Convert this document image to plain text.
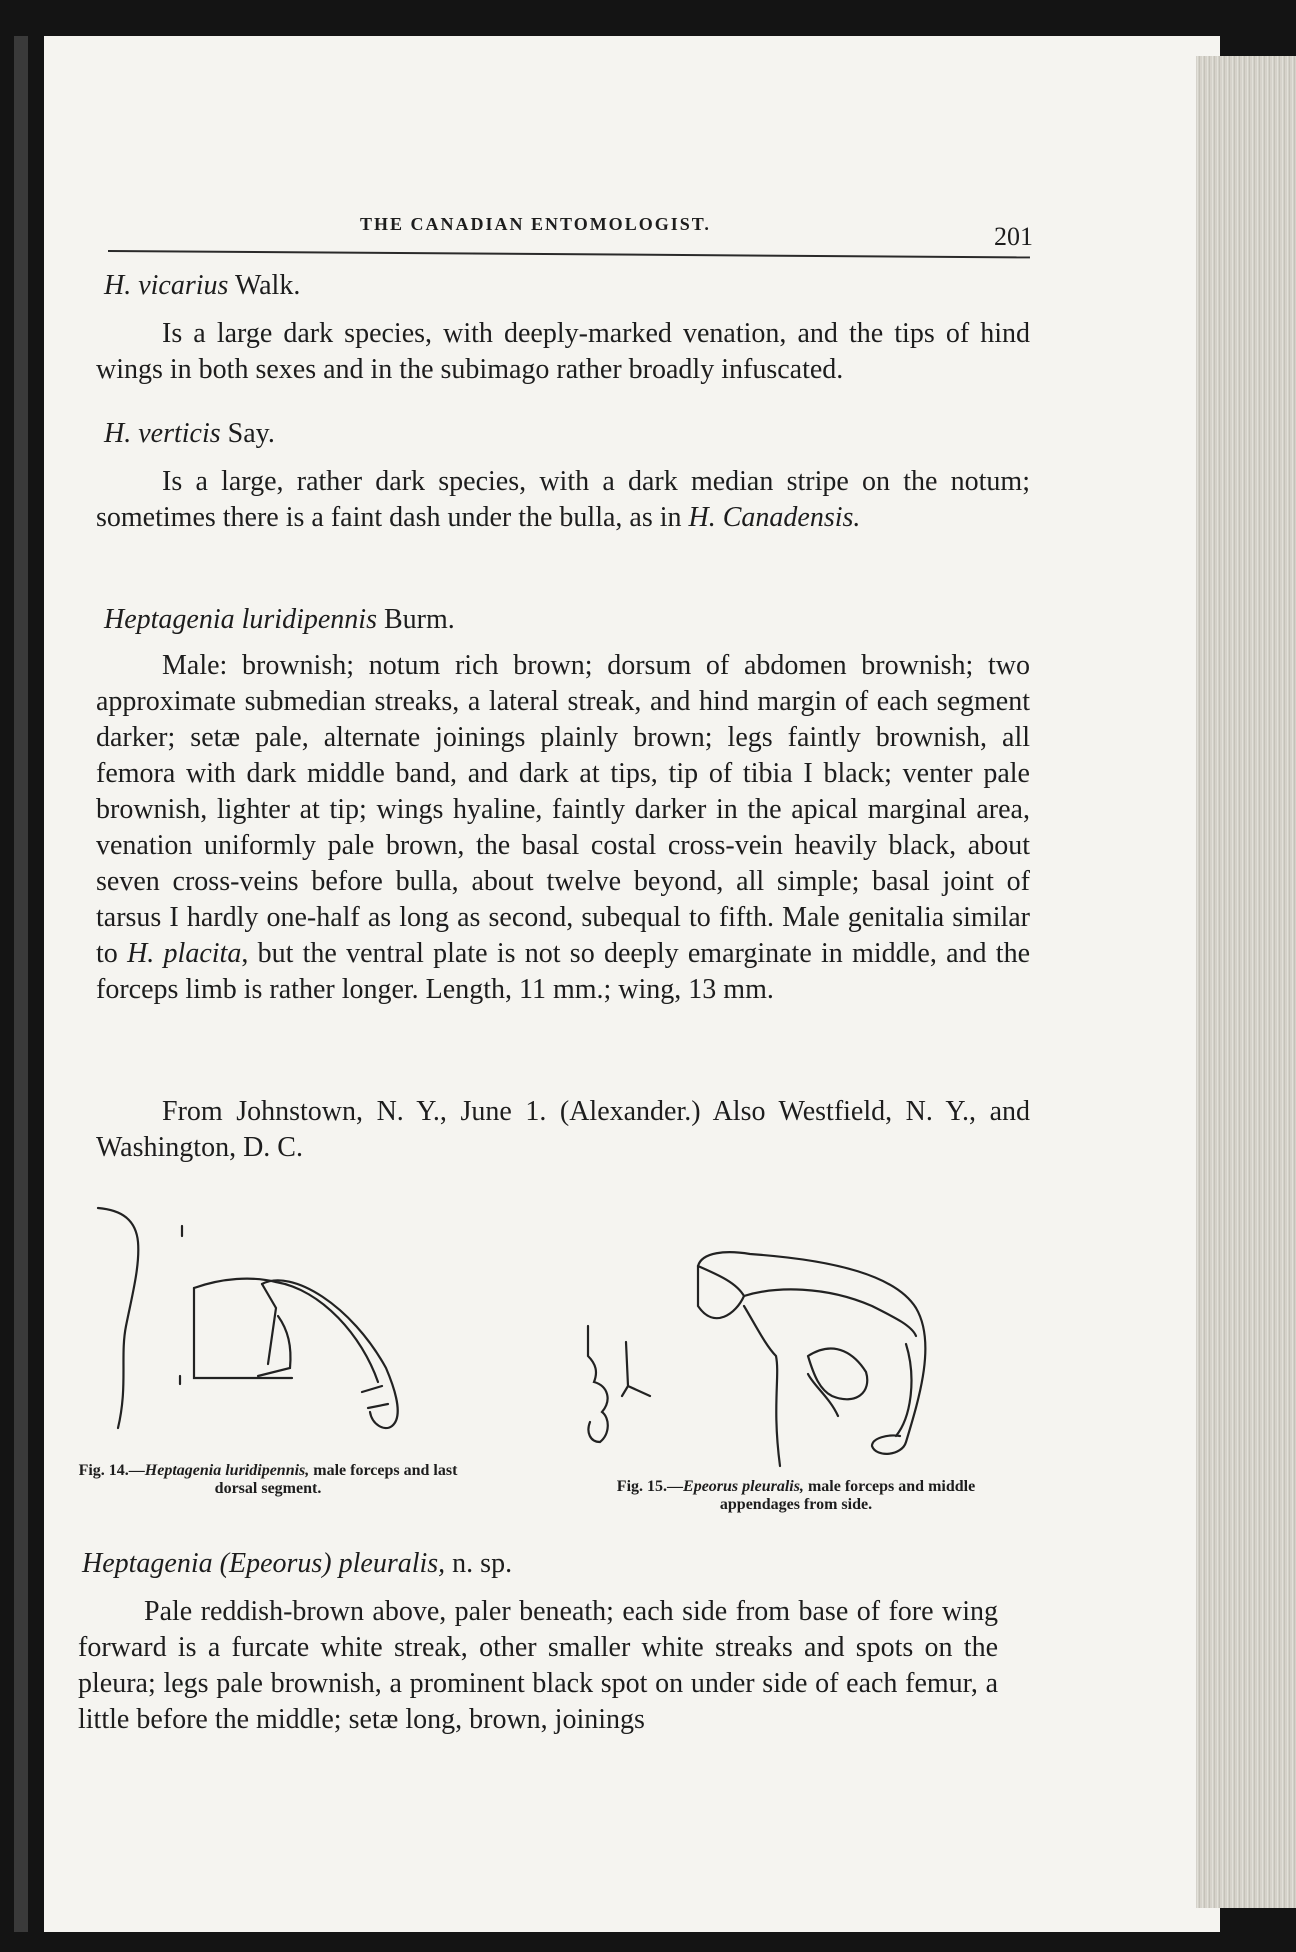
THE CANADIAN ENTOMOLOGIST.	201
H. vicarius Walk.
Is a large dark species, with deeply-marked venation, and the tips of hind wings in both sexes and in the subimago rather broadly infuscated.
H. verticis Say.
Is a large, rather dark species, with a dark median stripe on the notum; sometimes there is a faint dash under the bulla, as in H. Canadensis.
Heptagenia luridipennis Burm.
Male: brownish; notum rich brown; dorsum of abdomen brownish; two approximate submedian streaks, a lateral streak, and hind margin of each segment darker; setæ pale, alternate joinings plainly brown; legs faintly brownish, all femora with dark middle band, and dark at tips, tip of tibia I black; venter pale brownish, lighter at tip; wings hyaline, faintly darker in the apical marginal area, venation uniformly pale brown, the basal costal cross-vein heavily black, about seven cross-veins before bulla, about twelve beyond, all simple; basal joint of tarsus I hardly one-half as long as second, subequal to fifth. Male genitalia similar to H. placita, but the ventral plate is not so deeply emarginate in middle, and the forceps limb is rather longer. Length, 11 mm.; wing, 13 mm.
From Johnstown, N. Y., June 1. (Alexander.) Also Westfield, N. Y., and Washington, D. C.
Fig. 14.—Heptagenia luridipennis, male forceps and last dorsal segment.	Fig. 15.—Epeorus pleuralis, male forceps and middle appendages from side.
Heptagenia (Epeorus) pleuralis, n. sp.
Pale reddish-brown above, paler beneath; each side from base of fore wing forward is a furcate white streak, other smaller white streaks and spots on the pleura; legs pale brownish, a prominent black spot on under side of each femur, a little before the middle; setæ long, brown, joinings
